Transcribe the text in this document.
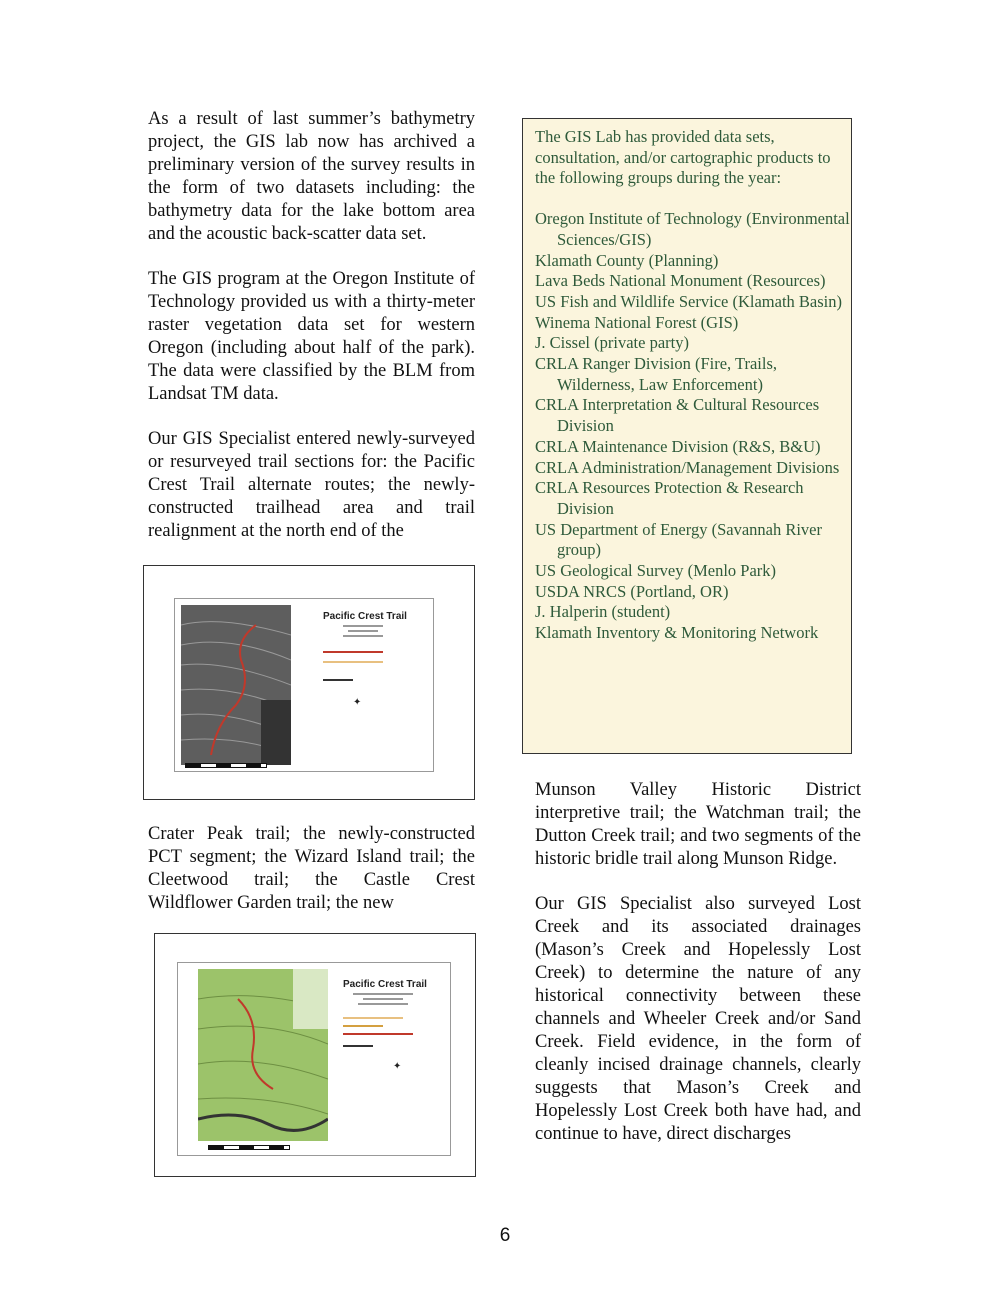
As a result of last summer’s bathymetry project, the GIS lab now has archived a preliminary version of the survey results in the form of two datasets including: the bathymetry data for the lake bottom area and the acoustic back-scatter data set.

The GIS program at the Oregon Institute of Technology provided us with a thirty-meter raster vegetation data set for western Oregon (including about half of the park). The data were classified by the BLM from Landsat TM data.

Our GIS Specialist entered newly-surveyed or resurveyed trail sections for: the Pacific Crest Trail alternate routes; the newly-constructed trailhead area and trail realignment at the north end of the

Pacific Crest Trail
✦

Crater Peak trail; the newly-constructed PCT segment; the Wizard Island trail; the Cleetwood trail; the Castle Crest Wildflower Garden trail; the new

Pacific Crest Trail
✦

The GIS Lab has provided data sets, consultation, and/or cartographic products to the following groups during the year:

Oregon Institute of Technology (Environmental Sciences/GIS)
Klamath County (Planning)
Lava Beds National Monument (Resources)
US Fish and Wildlife Service (Klamath Basin)
Winema National Forest (GIS)
J. Cissel (private party)
CRLA Ranger Division (Fire, Trails, Wilderness, Law Enforcement)
CRLA Interpretation & Cultural Resources Division
CRLA Maintenance Division (R&S, B&U)
CRLA Administration/Management Divisions
CRLA Resources Protection & Research Division
US Department of Energy (Savannah River group)
US Geological Survey (Menlo Park)
USDA NRCS (Portland, OR)
J. Halperin (student)
Klamath Inventory & Monitoring Network

Munson Valley Historic District interpretive trail; the Watchman trail; the Dutton Creek trail; and two segments of the historic bridle trail along Munson Ridge.

Our GIS Specialist also surveyed Lost Creek and its associated drainages (Mason’s Creek and Hopelessly Lost Creek) to determine the nature of any historical connectivity between these channels and Wheeler Creek and/or Sand Creek. Field evidence, in the form of cleanly incised drainage channels, clearly suggests that Mason’s Creek and Hopelessly Lost Creek both have had, and continue to have, direct discharges

6
